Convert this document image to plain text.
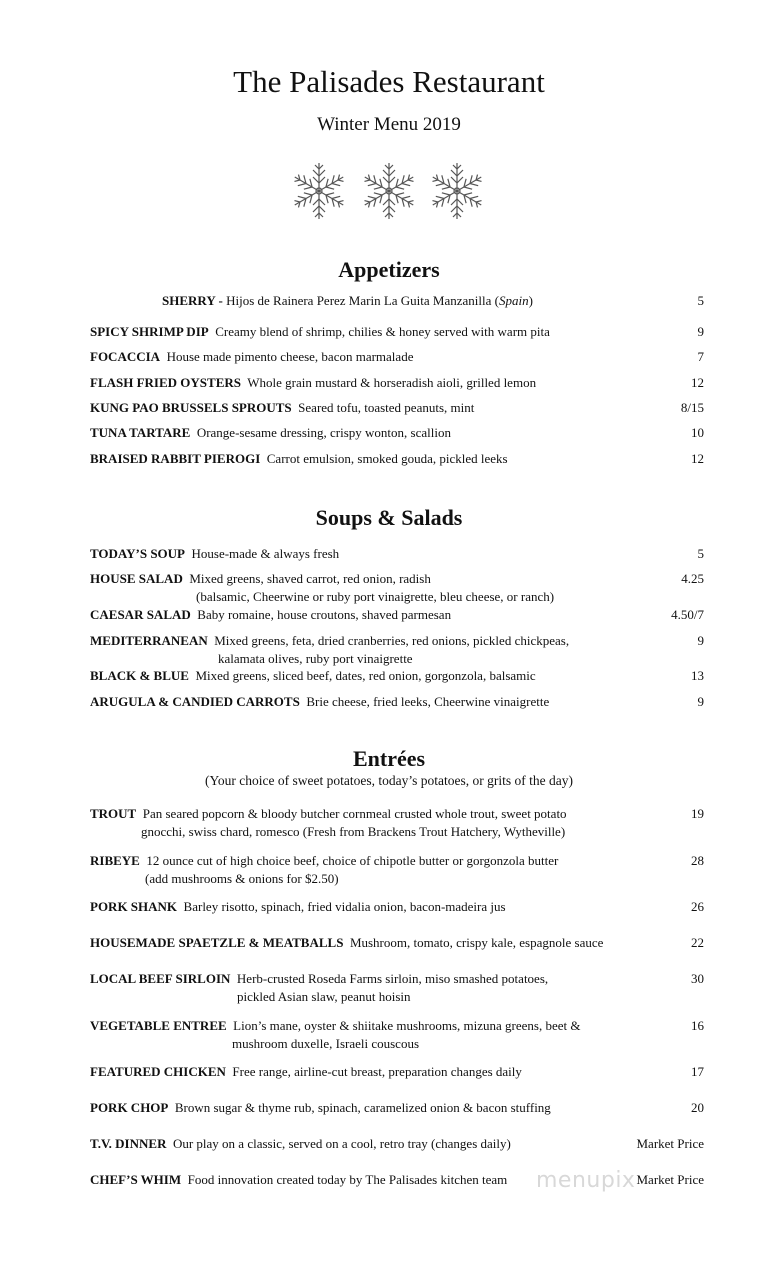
The Palisades Restaurant
Winter Menu 2019
Appetizers
SHERRY - Hijos de Rainera Perez Marin La Guita Manzanilla (Spain)	5
SPICY SHRIMP DIP Creamy blend of shrimp, chilies & honey served with warm pita	9
FOCACCIA House made pimento cheese, bacon marmalade	7
FLASH FRIED OYSTERS Whole grain mustard & horseradish aioli, grilled lemon	12
KUNG PAO BRUSSELS SPROUTS Seared tofu, toasted peanuts, mint	8/15
TUNA TARTARE Orange-sesame dressing, crispy wonton, scallion	10
BRAISED RABBIT PIEROGI Carrot emulsion, smoked gouda, pickled leeks	12
Soups & Salads
TODAY’S SOUP House-made & always fresh	5
HOUSE SALAD Mixed greens, shaved carrot, red onion, radish	4.25
(balsamic, Cheerwine or ruby port vinaigrette, bleu cheese, or ranch)
CAESAR SALAD Baby romaine, house croutons, shaved parmesan	4.50/7
MEDITERRANEAN Mixed greens, feta, dried cranberries, red onions, pickled chickpeas,	9
kalamata olives, ruby port vinaigrette
BLACK & BLUE Mixed greens, sliced beef, dates, red onion, gorgonzola, balsamic	13
ARUGULA & CANDIED CARROTS Brie cheese, fried leeks, Cheerwine vinaigrette	9
Entrées
(Your choice of sweet potatoes, today’s potatoes, or grits of the day)
TROUT Pan seared popcorn & bloody butcher cornmeal crusted whole trout, sweet potato	19
gnocchi, swiss chard, romesco (Fresh from Brackens Trout Hatchery, Wytheville)
RIBEYE 12 ounce cut of high choice beef, choice of chipotle butter or gorgonzola butter	28
(add mushrooms & onions for $2.50)
PORK SHANK Barley risotto, spinach, fried vidalia onion, bacon-madeira jus	26
HOUSEMADE SPAETZLE & MEATBALLS Mushroom, tomato, crispy kale, espagnole sauce	22
LOCAL BEEF SIRLOIN Herb-crusted Roseda Farms sirloin, miso smashed potatoes,	30
pickled Asian slaw, peanut hoisin
VEGETABLE ENTREE Lion’s mane, oyster & shiitake mushrooms, mizuna greens, beet &	16
mushroom duxelle, Israeli couscous
FEATURED CHICKEN Free range, airline-cut breast, preparation changes daily	17
PORK CHOP Brown sugar & thyme rub, spinach, caramelized onion & bacon stuffing	20
T.V. DINNER Our play on a classic, served on a cool, retro tray (changes daily)	Market Price
CHEF’S WHIM Food innovation created today by The Palisades kitchen team	Market Price
menupix
